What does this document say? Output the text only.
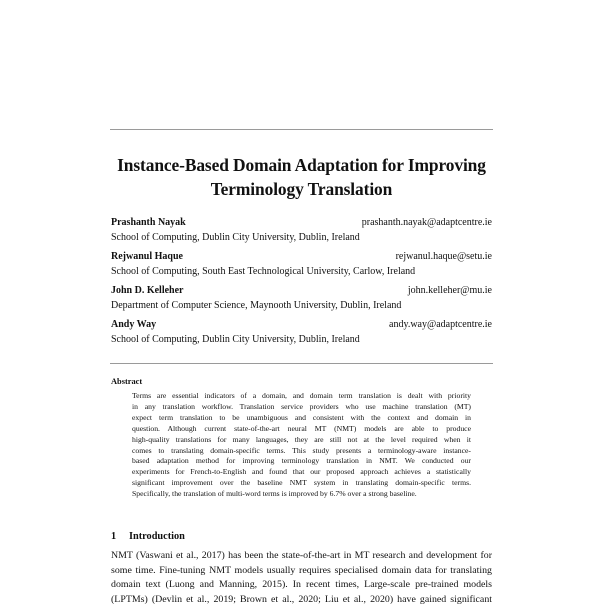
Instance-Based Domain Adaptation for Improving
Terminology Translation
Prashanth Nayak	prashanth.nayak@adaptcentre.ie
School of Computing, Dublin City University, Dublin, Ireland
Rejwanul Haque	rejwanul.haque@setu.ie
School of Computing, South East Technological University, Carlow, Ireland
John D. Kelleher	john.kelleher@mu.ie
Department of Computer Science, Maynooth University, Dublin, Ireland
Andy Way	andy.way@adaptcentre.ie
School of Computing, Dublin City University, Dublin, Ireland
Abstract
Terms are essential indicators of a domain, and domain term translation is dealt with priority
in any translation workflow. Translation service providers who use machine translation (MT)
expect term translation to be unambiguous and consistent with the context and domain in
question. Although current state-of-the-art neural MT (NMT) models are able to produce
high-quality translations for many languages, they are still not at the level required when it
comes to translating domain-specific terms. This study presents a terminology-aware instance-
based adaptation method for improving terminology translation in NMT. We conducted our
experiments for French-to-English and found that our proposed approach achieves a statistically
significant improvement over the baseline NMT system in translating domain-specific terms.
Specifically, the translation of multi-word terms is improved by 6.7% over a strong baseline.
1 Introduction
NMT (Vaswani et al., 2017) has been the state-of-the-art in MT research and development for
some time. Fine-tuning NMT models usually requires specialised domain data for translating
domain text (Luong and Manning, 2015). In recent times, Large-scale pre-trained models
(LPTMs) (Devlin et al., 2019; Brown et al., 2020; Liu et al., 2020) have gained significant
